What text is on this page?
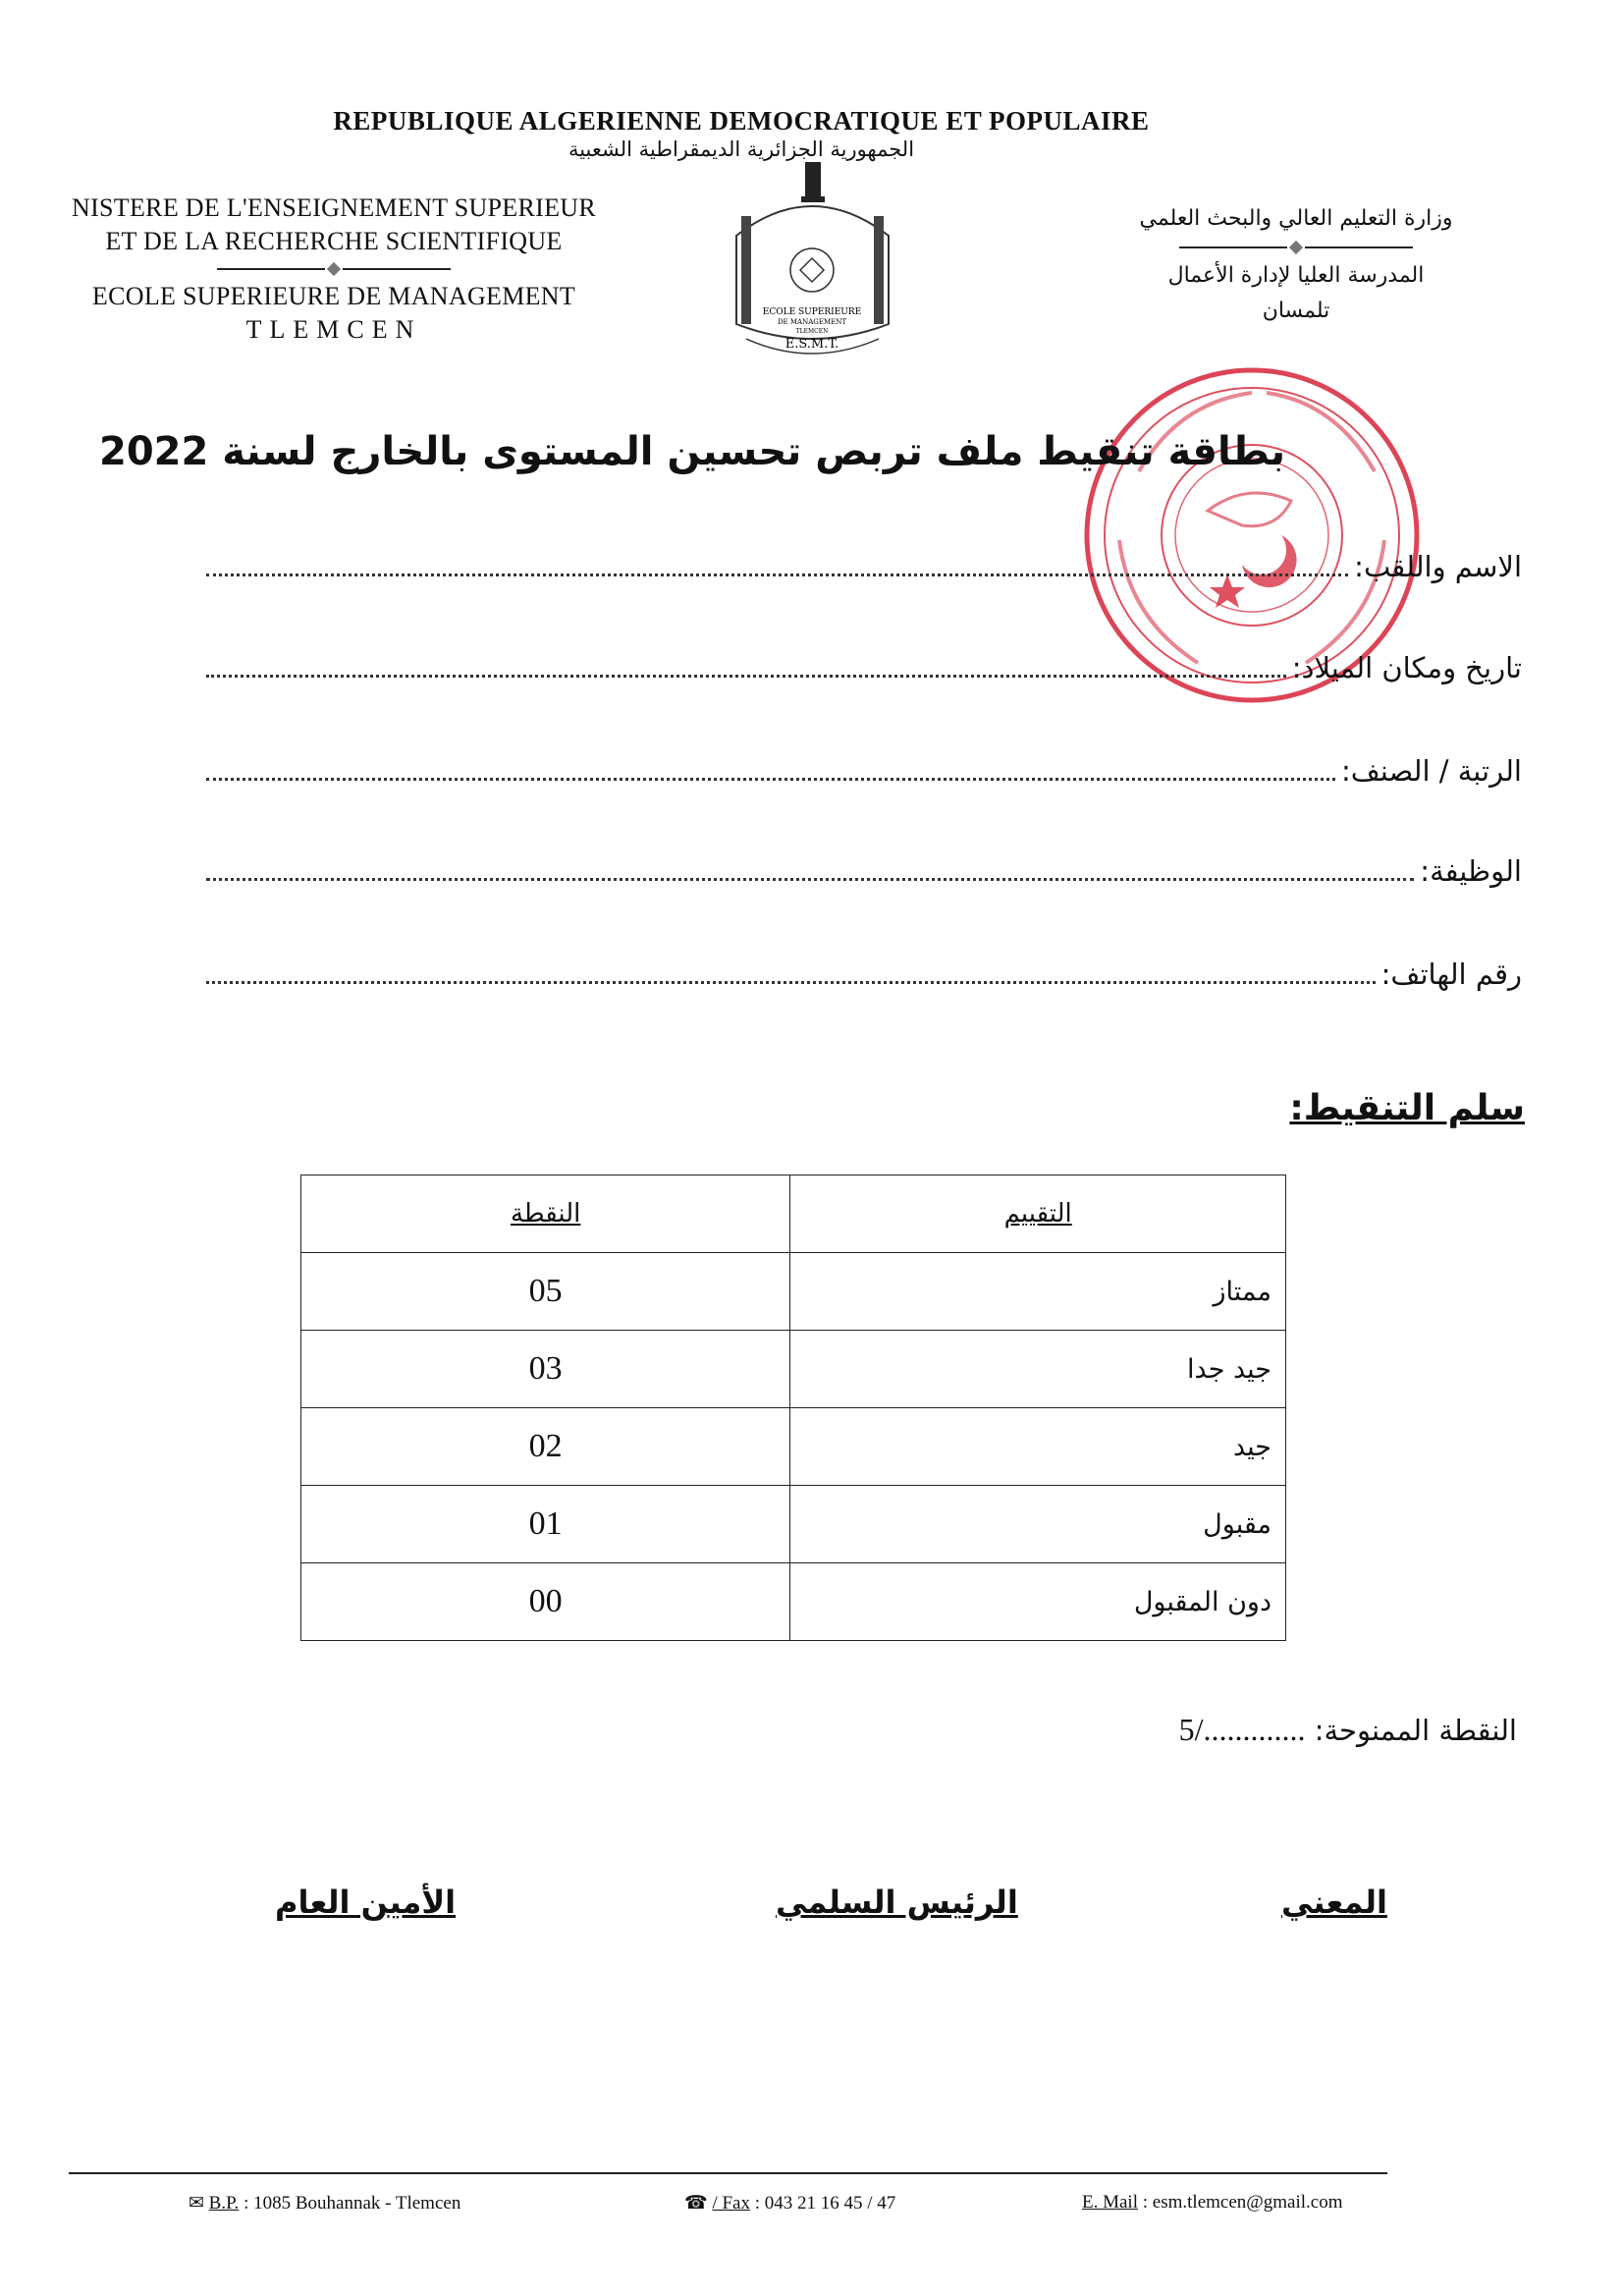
REPUBLIQUE ALGERIENNE DEMOCRATIQUE ET POPULAIRE
الجمهورية الجزائرية الديمقراطية الشعبية
NISTERE DE L'ENSEIGNEMENT SUPERIEUR
ET DE LA RECHERCHE SCIENTIFIQUE
ECOLE SUPERIEURE DE MANAGEMENT
TLEMCEN
وزارة التعليم العالي والبحث العلمي
المدرسة العليا لإدارة الأعمال
تلمسان
ECOLE SUPERIEURE
DE MANAGEMENT
TLEMCEN
E.S.M.T.
بطاقة تنقيط ملف تربص تحسين المستوى بالخارج لسنة 2022
الاسم واللقب:
تاريخ ومكان الميلاد:
الرتبة / الصنف:
الوظيفة:
رقم الهاتف:
سلم التنقيط:
النقطة	التقييم
05	ممتاز
03	جيد جدا
02	جيد
01	مقبول
00	دون المقبول
النقطة الممنوحة: 5/.............
المعني
الرئيس السلمي
الأمين العام
✉ B.P. : 1085 Bouhannak - Tlemcen	☎ / Fax : 043 21 16 45 / 47	E. Mail : esm.tlemcen@gmail.com
